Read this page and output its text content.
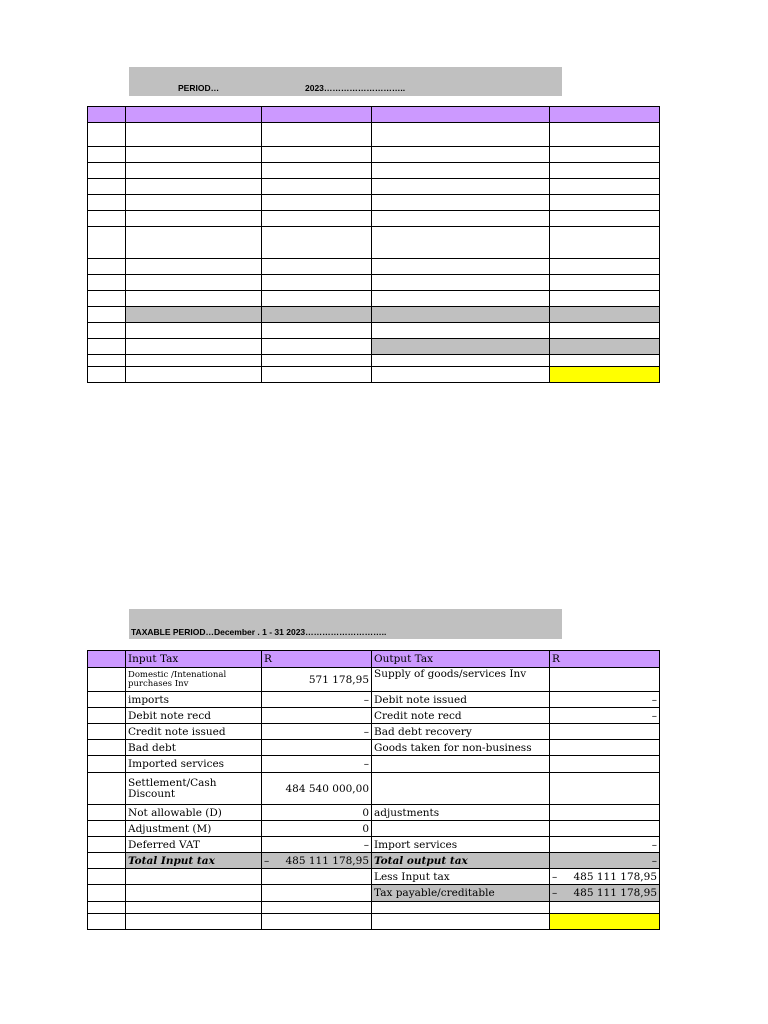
PERIOD…	2023………………………..

TAXABLE PERIOD…December . 1 - 31 2023………………………..
	Input Tax	R	Output Tax	R
	Domestic /Intenational purchases Inv	571 178,95	Supply of goods/services Inv	
	imports	–	Debit note issued	–
	Debit note recd		Credit note recd	–
	Credit note issued	–	Bad debt recovery	
	Bad debt		Goods taken for non-business	
	Imported services	–		
	Settlement/Cash Discount	484 540 000,00		
	Not allowable (D)	0	adjustments	
	Adjustment (M)	0		
	Deferred VAT	–	Import services	–
	Total Input tax	– 485 111 178,95	Total output tax	–
			Less Input tax	– 485 111 178,95

			Tax payable/creditable	– 485 111 178,95
